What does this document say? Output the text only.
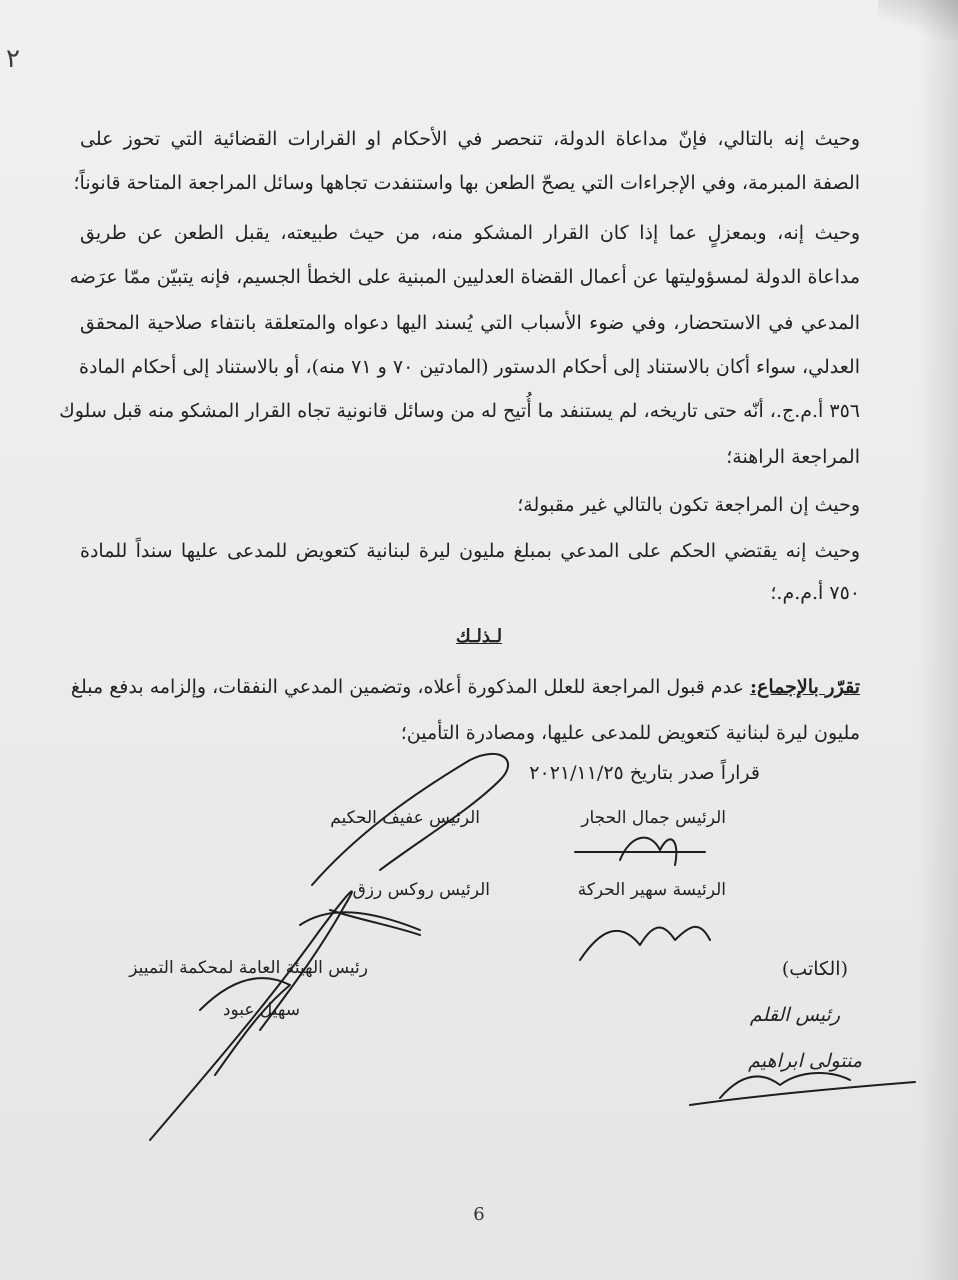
٢
وحيث إنه بالتالي، فإنّ مداعاة الدولة، تنحصر في الأحكام او القرارات القضائية التي تحوز على
الصفة المبرمة، وفي الإجراءات التي يصحّ الطعن بها واستنفدت تجاهها وسائل المراجعة المتاحة قانوناً؛
وحيث إنه، وبمعزلٍ عما إذا كان القرار المشكو منه، من حيث طبيعته، يقبل الطعن عن طريق
مداعاة الدولة لمسؤوليتها عن أعمال القضاة العدليين المبنية على الخطأ الجسيم، فإنه يتبيّن ممّا عرَضه
المدعي في الاستحضار، وفي ضوء الأسباب التي يُسند اليها دعواه والمتعلقة بانتفاء صلاحية المحقق
العدلي، سواء أكان بالاستناد إلى أحكام الدستور (المادتين ٧٠ و ٧١ منه)، أو بالاستناد إلى أحكام المادة
٣٥٦ أ.م.ج.، أنّه حتى تاريخه، لم يستنفد ما أُتيح له من وسائل قانونية تجاه القرار المشكو منه قبل سلوك
المراجعة الراهنة؛
وحيث إن المراجعة تكون بالتالي غير مقبولة؛
وحيث إنه يقتضي الحكم على المدعي بمبلغ مليون ليرة لبنانية كتعويض للمدعى عليها سنداً للمادة
٧٥٠ أ.م.م.؛
لـذلـك
تقرّر بالإجماع: عدم قبول المراجعة للعلل المذكورة أعلاه، وتضمين المدعي النفقات، وإلزامه بدفع مبلغ
مليون ليرة لبنانية كتعويض للمدعى عليها، ومصادرة التأمين؛
قراراً صدر بتاريخ ٢٠٢١/١١/٢٥
الرئيس جمال الحجار
الرئيس عفيف الحكيم
الرئيسة سهير الحركة
الرئيس روكس رزق
رئيس الهيئة العامة لمحكمة التمييز
سهيل عبود
(الكاتب)
رئيس القلم
منتولى ابراهيم
6
